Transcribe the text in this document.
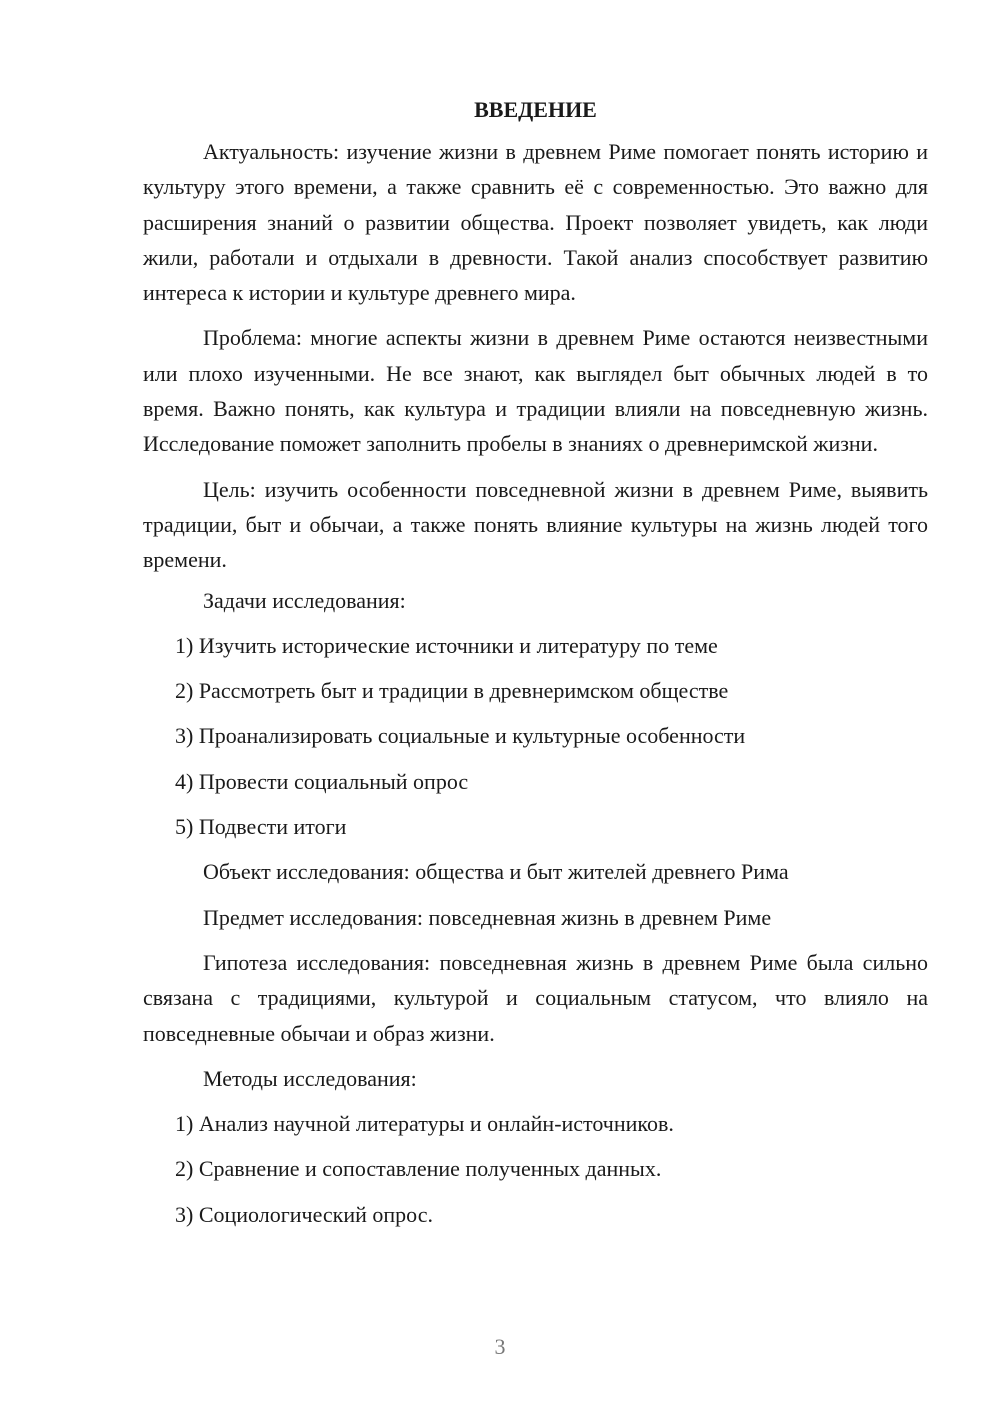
ВВЕДЕНИЕ

Актуальность: изучение жизни в древнем Риме помогает понять историю и культуру этого времени, а также сравнить её с современностью. Это важно для расширения знаний о развитии общества. Проект позволяет увидеть, как люди жили, работали и отдыхали в древности. Такой анализ способствует развитию интереса к истории и культуре древнего мира.

Проблема: многие аспекты жизни в древнем Риме остаются неизвестными или плохо изученными. Не все знают, как выглядел быт обычных людей в то время. Важно понять, как культура и традиции влияли на повседневную жизнь. Исследование поможет заполнить пробелы в знаниях о древнеримской жизни.

Цель: изучить особенности повседневной жизни в древнем Риме, выявить традиции, быт и обычаи, а также понять влияние культуры на жизнь людей того времени.

Задачи исследования:

1) Изучить исторические источники и литературу по теме

2) Рассмотреть быт и традиции в древнеримском обществе

3) Проанализировать социальные и культурные особенности

4) Провести социальный опрос

5) Подвести итоги

Объект исследования: общества и быт жителей древнего Рима

Предмет исследования: повседневная жизнь в древнем Риме

Гипотеза исследования: повседневная жизнь в древнем Риме была сильно связана с традициями, культурой и социальным статусом, что влияло на повседневные обычаи и образ жизни.

Методы исследования:

1) Анализ научной литературы и онлайн-источников.

2) Сравнение и сопоставление полученных данных.

3) Социологический опрос.

3
